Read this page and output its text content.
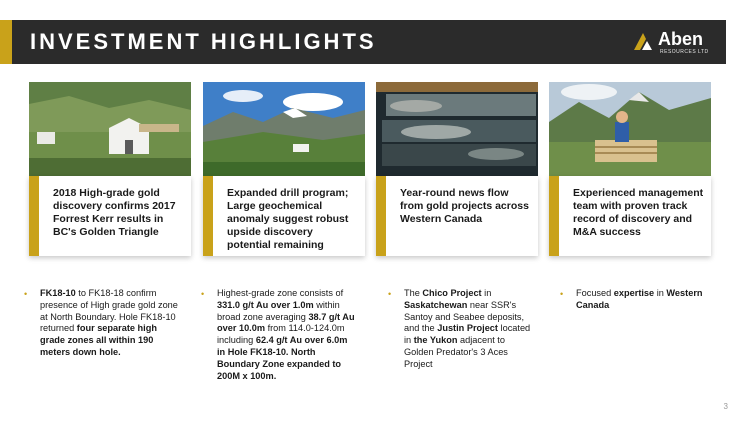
INVESTMENT HIGHLIGHTS	Aben
RESOURCES LTD
2018 High-grade gold discovery confirms 2017 Forrest Kerr results in BC's Golden Triangle
Expanded drill program; Large geochemical anomaly suggest robust upside discovery potential remaining
Year-round news flow from gold projects across Western Canada
Experienced management team with proven track record of discovery and M&A success
• FK18-10 to FK18-18 confirm presence of High grade gold zone at North Boundary. Hole FK18-10 returned four separate high grade zones all within 190 meters down hole.
• Highest-grade zone consists of 331.0 g/t Au over 1.0m within broad zone averaging 38.7 g/t Au over 10.0m from 114.0-124.0m including 62.4 g/t Au over 6.0m in Hole FK18-10. North Boundary Zone expanded to 200M x 100m.
• The Chico Project in Saskatchewan near SSR's Santoy and Seabee deposits, and the Justin Project located in the Yukon adjacent to Golden Predator's 3 Aces Project
• Focused expertise in Western Canada
3
